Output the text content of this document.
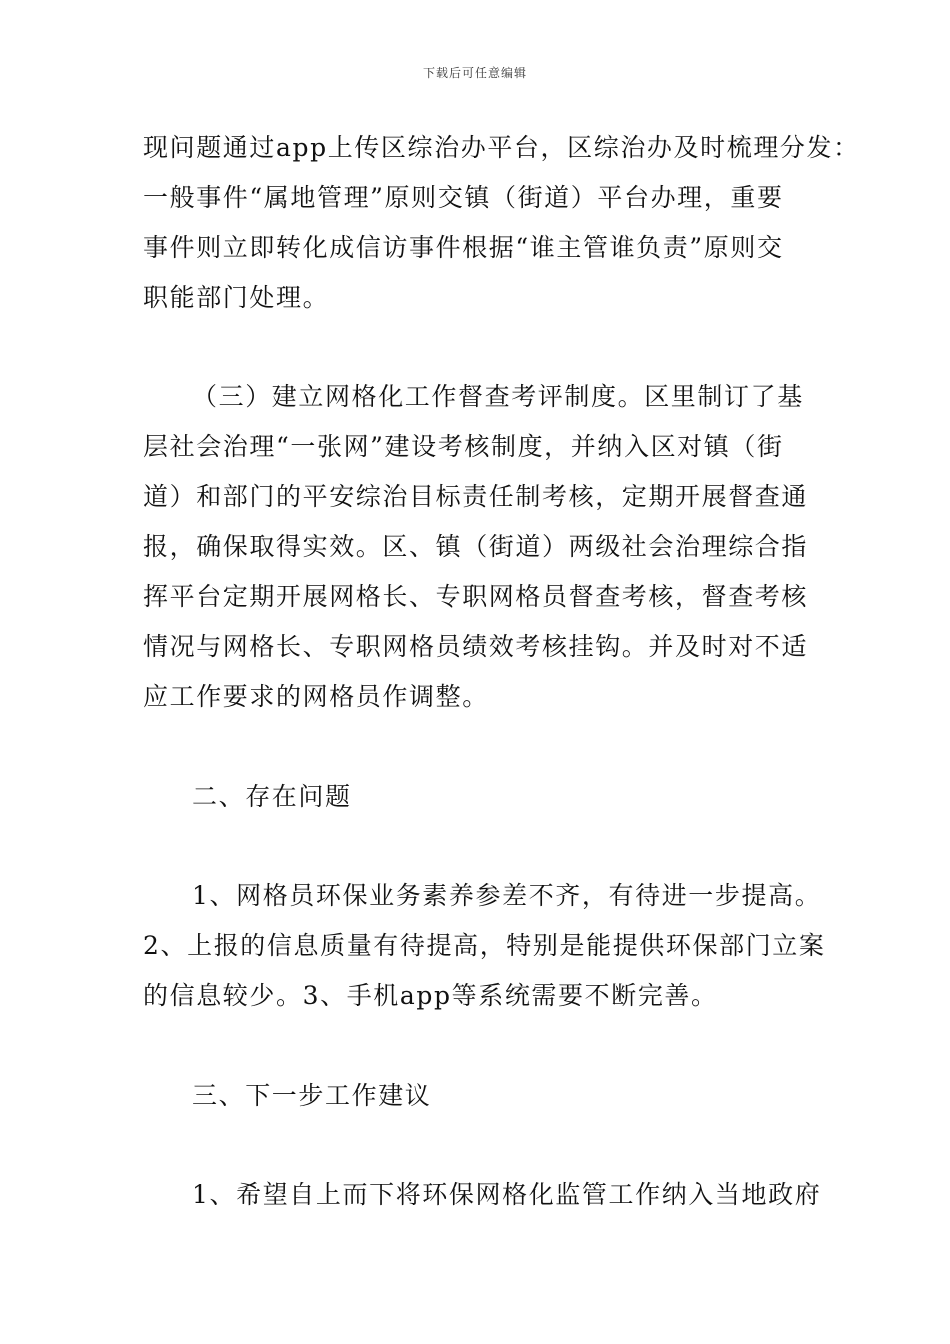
下载后可任意编辑
现问题通过app上传区综治办平台，区综治办及时梳理分发：
一般事件“属地管理”原则交镇（街道）平台办理，重要
事件则立即转化成信访事件根据“谁主管谁负责”原则交
职能部门处理。
（三）建立网格化工作督查考评制度。区里制订了基
层社会治理“一张网”建设考核制度，并纳入区对镇（街
道）和部门的平安综治目标责任制考核，定期开展督查通
报，确保取得实效。区、镇（街道）两级社会治理综合指
挥平台定期开展网格长、专职网格员督查考核，督查考核
情况与网格长、专职网格员绩效考核挂钩。并及时对不适
应工作要求的网格员作调整。
二、存在问题
1、网格员环保业务素养参差不齐，有待进一步提高。
2、上报的信息质量有待提高，特别是能提供环保部门立案
的信息较少。3、手机app等系统需要不断完善。
三、下一步工作建议
1、希望自上而下将环保网格化监管工作纳入当地政府
